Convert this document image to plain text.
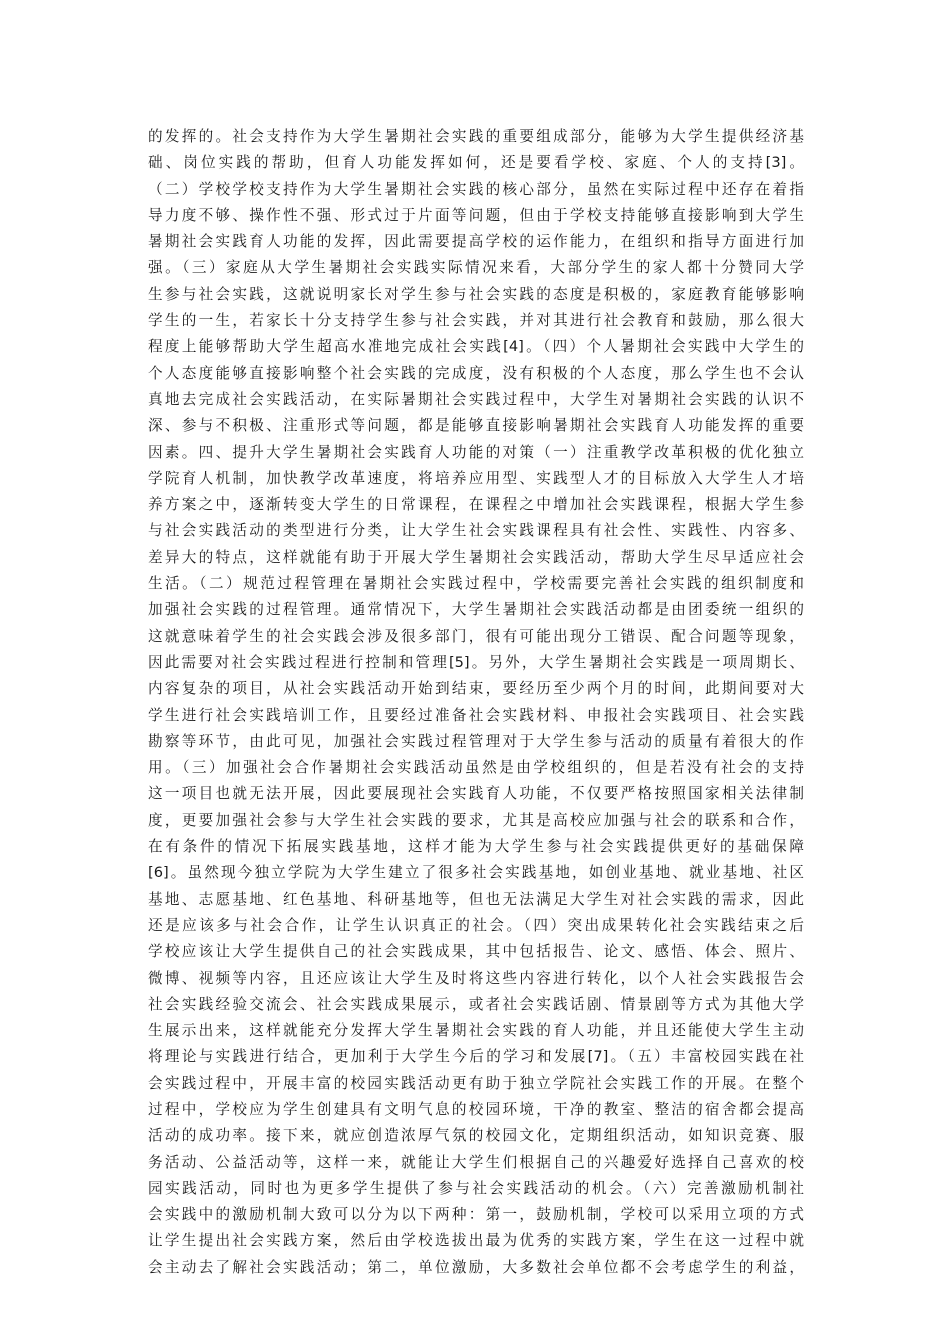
的发挥的。社会支持作为大学生暑期社会实践的重要组成部分，能够为大学生提供经济基
础、岗位实践的帮助，但育人功能发挥如何，还是要看学校、家庭、个人的支持[3]。
（二）学校学校支持作为大学生暑期社会实践的核心部分，虽然在实际过程中还存在着指
导力度不够、操作性不强、形式过于片面等问题，但由于学校支持能够直接影响到大学生
暑期社会实践育人功能的发挥，因此需要提高学校的运作能力，在组织和指导方面进行加
强。（三）家庭从大学生暑期社会实践实际情况来看，大部分学生的家人都十分赞同大学
生参与社会实践，这就说明家长对学生参与社会实践的态度是积极的，家庭教育能够影响
学生的一生，若家长十分支持学生参与社会实践，并对其进行社会教育和鼓励，那么很大
程度上能够帮助大学生超高水准地完成社会实践[4]。（四）个人暑期社会实践中大学生的
个人态度能够直接影响整个社会实践的完成度，没有积极的个人态度，那么学生也不会认
真地去完成社会实践活动，在实际暑期社会实践过程中，大学生对暑期社会实践的认识不
深、参与不积极、注重形式等问题，都是能够直接影响暑期社会实践育人功能发挥的重要
因素。四、提升大学生暑期社会实践育人功能的对策（一）注重教学改革积极的优化独立
学院育人机制，加快教学改革速度，将培养应用型、实践型人才的目标放入大学生人才培
养方案之中，逐渐转变大学生的日常课程，在课程之中增加社会实践课程，根据大学生参
与社会实践活动的类型进行分类，让大学生社会实践课程具有社会性、实践性、内容多、
差异大的特点，这样就能有助于开展大学生暑期社会实践活动，帮助大学生尽早适应社会
生活。（二）规范过程管理在暑期社会实践过程中，学校需要完善社会实践的组织制度和
加强社会实践的过程管理。通常情况下，大学生暑期社会实践活动都是由团委统一组织的
这就意味着学生的社会实践会涉及很多部门，很有可能出现分工错误、配合问题等现象，
因此需要对社会实践过程进行控制和管理[5]。另外，大学生暑期社会实践是一项周期长、
内容复杂的项目，从社会实践活动开始到结束，要经历至少两个月的时间，此期间要对大
学生进行社会实践培训工作，且要经过准备社会实践材料、申报社会实践项目、社会实践
勘察等环节，由此可见，加强社会实践过程管理对于大学生参与活动的质量有着很大的作
用。（三）加强社会合作暑期社会实践活动虽然是由学校组织的，但是若没有社会的支持
这一项目也就无法开展，因此要展现社会实践育人功能，不仅要严格按照国家相关法律制
度，更要加强社会参与大学生社会实践的要求，尤其是高校应加强与社会的联系和合作，
在有条件的情况下拓展实践基地，这样才能为大学生参与社会实践提供更好的基础保障
[6]。虽然现今独立学院为大学生建立了很多社会实践基地，如创业基地、就业基地、社区
基地、志愿基地、红色基地、科研基地等，但也无法满足大学生对社会实践的需求，因此
还是应该多与社会合作，让学生认识真正的社会。（四）突出成果转化社会实践结束之后
学校应该让大学生提供自己的社会实践成果，其中包括报告、论文、感悟、体会、照片、
微博、视频等内容，且还应该让大学生及时将这些内容进行转化，以个人社会实践报告会
社会实践经验交流会、社会实践成果展示，或者社会实践话剧、情景剧等方式为其他大学
生展示出来，这样就能充分发挥大学生暑期社会实践的育人功能，并且还能使大学生主动
将理论与实践进行结合，更加利于大学生今后的学习和发展[7]。（五）丰富校园实践在社
会实践过程中，开展丰富的校园实践活动更有助于独立学院社会实践工作的开展。在整个
过程中，学校应为学生创建具有文明气息的校园环境，干净的教室、整洁的宿舍都会提高
活动的成功率。接下来，就应创造浓厚气氛的校园文化，定期组织活动，如知识竞赛、服
务活动、公益活动等，这样一来，就能让大学生们根据自己的兴趣爱好选择自己喜欢的校
园实践活动，同时也为更多学生提供了参与社会实践活动的机会。（六）完善激励机制社
会实践中的激励机制大致可以分为以下两种：第一，鼓励机制，学校可以采用立项的方式
让学生提出社会实践方案，然后由学校选拔出最为优秀的实践方案，学生在这一过程中就
会主动去了解社会实践活动；第二，单位激励，大多数社会单位都不会考虑学生的利益，
